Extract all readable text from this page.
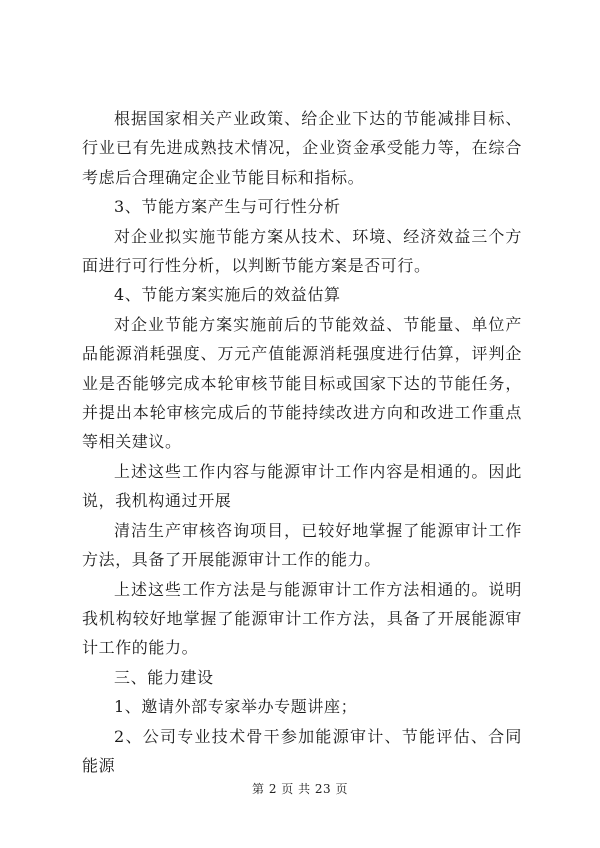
根据国家相关产业政策、给企业下达的节能减排目标、行业已有先进成熟技术情况，企业资金承受能力等，在综合考虑后合理确定企业节能目标和指标。

3、节能方案产生与可行性分析

对企业拟实施节能方案从技术、环境、经济效益三个方面进行可行性分析，以判断节能方案是否可行。

4、节能方案实施后的效益估算

对企业节能方案实施前后的节能效益、节能量、单位产品能源消耗强度、万元产值能源消耗强度进行估算，评判企业是否能够完成本轮审核节能目标或国家下达的节能任务，并提出本轮审核完成后的节能持续改进方向和改进工作重点等相关建议。

上述这些工作内容与能源审计工作内容是相通的。因此说，我机构通过开展

清洁生产审核咨询项目，已较好地掌握了能源审计工作方法，具备了开展能源审计工作的能力。

上述这些工作方法是与能源审计工作方法相通的。说明我机构较好地掌握了能源审计工作方法，具备了开展能源审计工作的能力。

三、能力建设

1、邀请外部专家举办专题讲座；

2、公司专业技术骨干参加能源审计、节能评估、合同能源

第 2 页 共 23 页
